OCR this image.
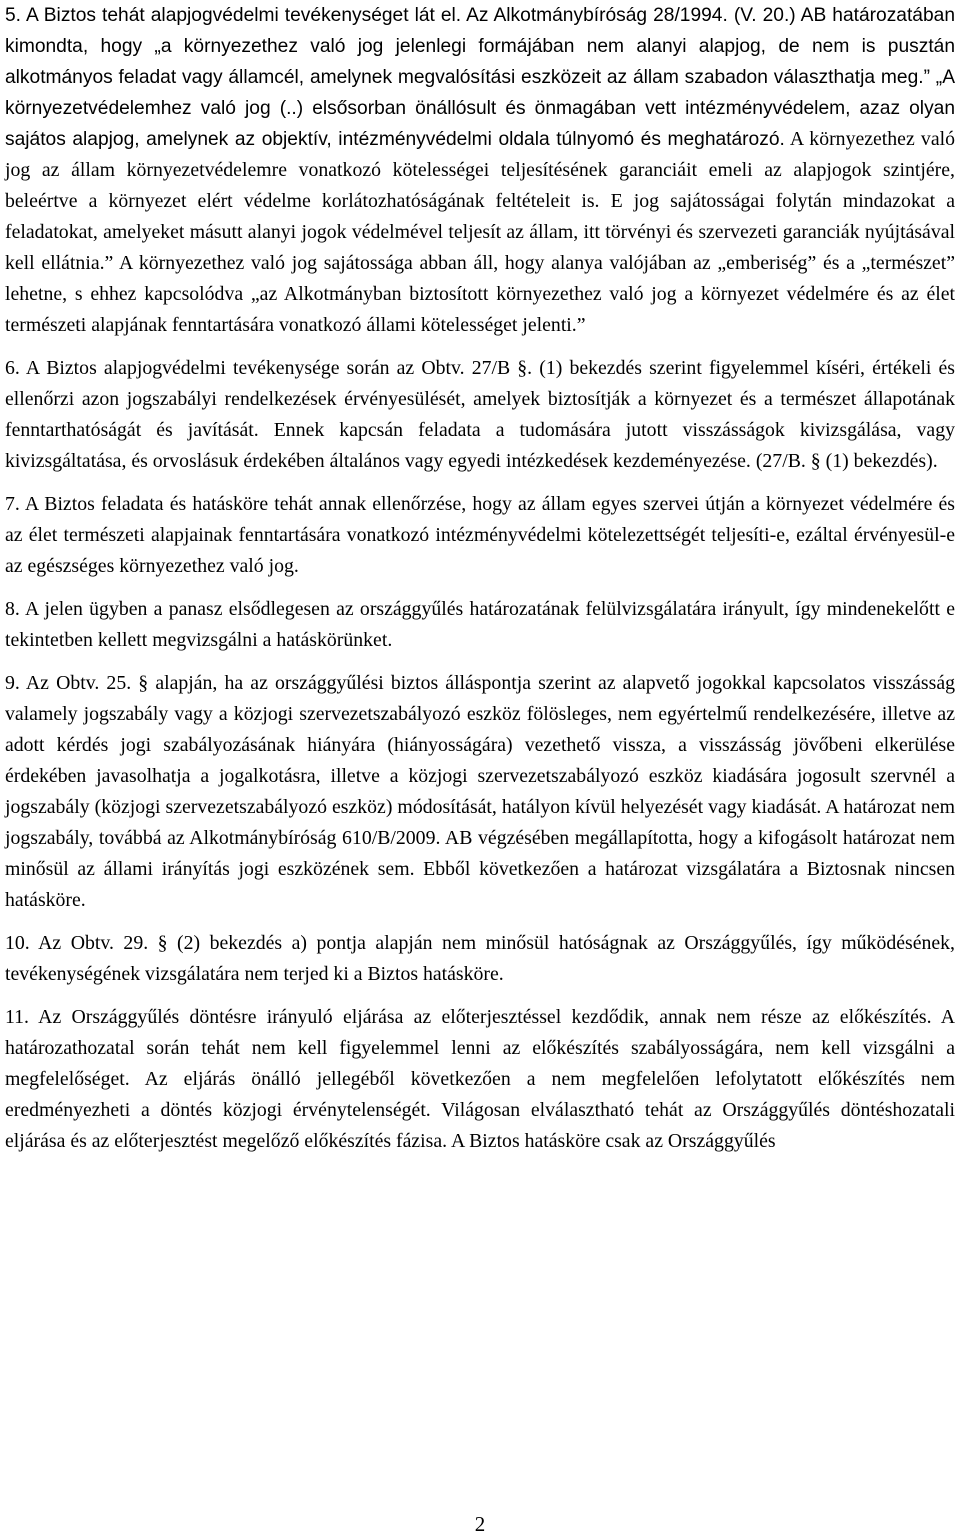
5. A Biztos tehát alapjogvédelmi tevékenységet lát el. Az Alkotmánybíróság 28/1994. (V. 20.) AB határozatában kimondta, hogy „a környezethez való jog jelenlegi formájában nem alanyi alapjog, de nem is pusztán alkotmányos feladat vagy államcél, amelynek megvalósítási eszközeit az állam szabadon választhatja meg.” „A környezetvédelemhez való jog (..) elsősorban önállósult és önmagában vett intézményvédelem, azaz olyan sajátos alapjog, amelynek az objektív, intézményvédelmi oldala túlnyomó és meghatározó. A környezethez való jog az állam környezetvédelemre vonatkozó kötelességei teljesítésének garanciáit emeli az alapjogok szintjére, beleértve a környezet elért védelme korlátozhatóságának feltételeit is. E jog sajátosságai folytán mindazokat a feladatokat, amelyeket másutt alanyi jogok védelmével teljesít az állam, itt törvényi és szervezeti garanciák nyújtásával kell ellátnia.” A környezethez való jog sajátossága abban áll, hogy alanya valójában az „emberiség” és a „természet” lehetne, s ehhez kapcsolódva „az Alkotmányban biztosított környezethez való jog a környezet védelmére és az élet természeti alapjának fenntartására vonatkozó állami kötelességet jelenti.”

6. A Biztos alapjogvédelmi tevékenysége során az Obtv. 27/B §. (1) bekezdés szerint figyelemmel kíséri, értékeli és ellenőrzi azon jogszabályi rendelkezések érvényesülését, amelyek biztosítják a környezet és a természet állapotának fenntarthatóságát és javítását. Ennek kapcsán feladata a tudomására jutott visszásságok kivizsgálása, vagy kivizsgáltatása, és orvoslásuk érdekében általános vagy egyedi intézkedések kezdeményezése. (27/B. § (1) bekezdés).

7. A Biztos feladata és hatásköre tehát annak ellenőrzése, hogy az állam egyes szervei útján a környezet védelmére és az élet természeti alapjainak fenntartására vonatkozó intézményvédelmi kötelezettségét teljesíti-e, ezáltal érvényesül-e az egészséges környezethez való jog.

8. A jelen ügyben a panasz elsődlegesen az országgyűlés határozatának felülvizsgálatára irányult, így mindenekelőtt e tekintetben kellett megvizsgálni a hatáskörünket.

9. Az Obtv. 25. § alapján, ha az országgyűlési biztos álláspontja szerint az alapvető jogokkal kapcsolatos visszásság valamely jogszabály vagy a közjogi szervezetszabályozó eszköz fölösleges, nem egyértelmű rendelkezésére, illetve az adott kérdés jogi szabályozásának hiányára (hiányosságára) vezethető vissza, a visszásság jövőbeni elkerülése érdekében javasolhatja a jogalkotásra, illetve a közjogi szervezetszabályozó eszköz kiadására jogosult szervnél a jogszabály (közjogi szervezetszabályozó eszköz) módosítását, hatályon kívül helyezését vagy kiadását. A határozat nem jogszabály, továbbá az Alkotmánybíróság 610/B/2009. AB végzésében megállapította, hogy a kifogásolt határozat nem minősül az állami irányítás jogi eszközének sem. Ebből következően a határozat vizsgálatára a Biztosnak nincsen hatásköre.

10. Az Obtv. 29. § (2) bekezdés a) pontja alapján nem minősül hatóságnak az Országgyűlés, így működésének, tevékenységének vizsgálatára nem terjed ki a Biztos hatásköre.

11. Az Országgyűlés döntésre irányuló eljárása az előterjesztéssel kezdődik, annak nem része az előkészítés. A határozathozatal során tehát nem kell figyelemmel lenni az előkészítés szabályosságára, nem kell vizsgálni a megfelelőséget. Az eljárás önálló jellegéből következően a nem megfelelően lefolytatott előkészítés nem eredményezheti a döntés közjogi érvénytelenségét. Világosan elválasztható tehát az Országgyűlés döntéshozatali eljárása és az előterjesztést megelőző előkészítés fázisa. A Biztos hatásköre csak az Országgyűlés

2
